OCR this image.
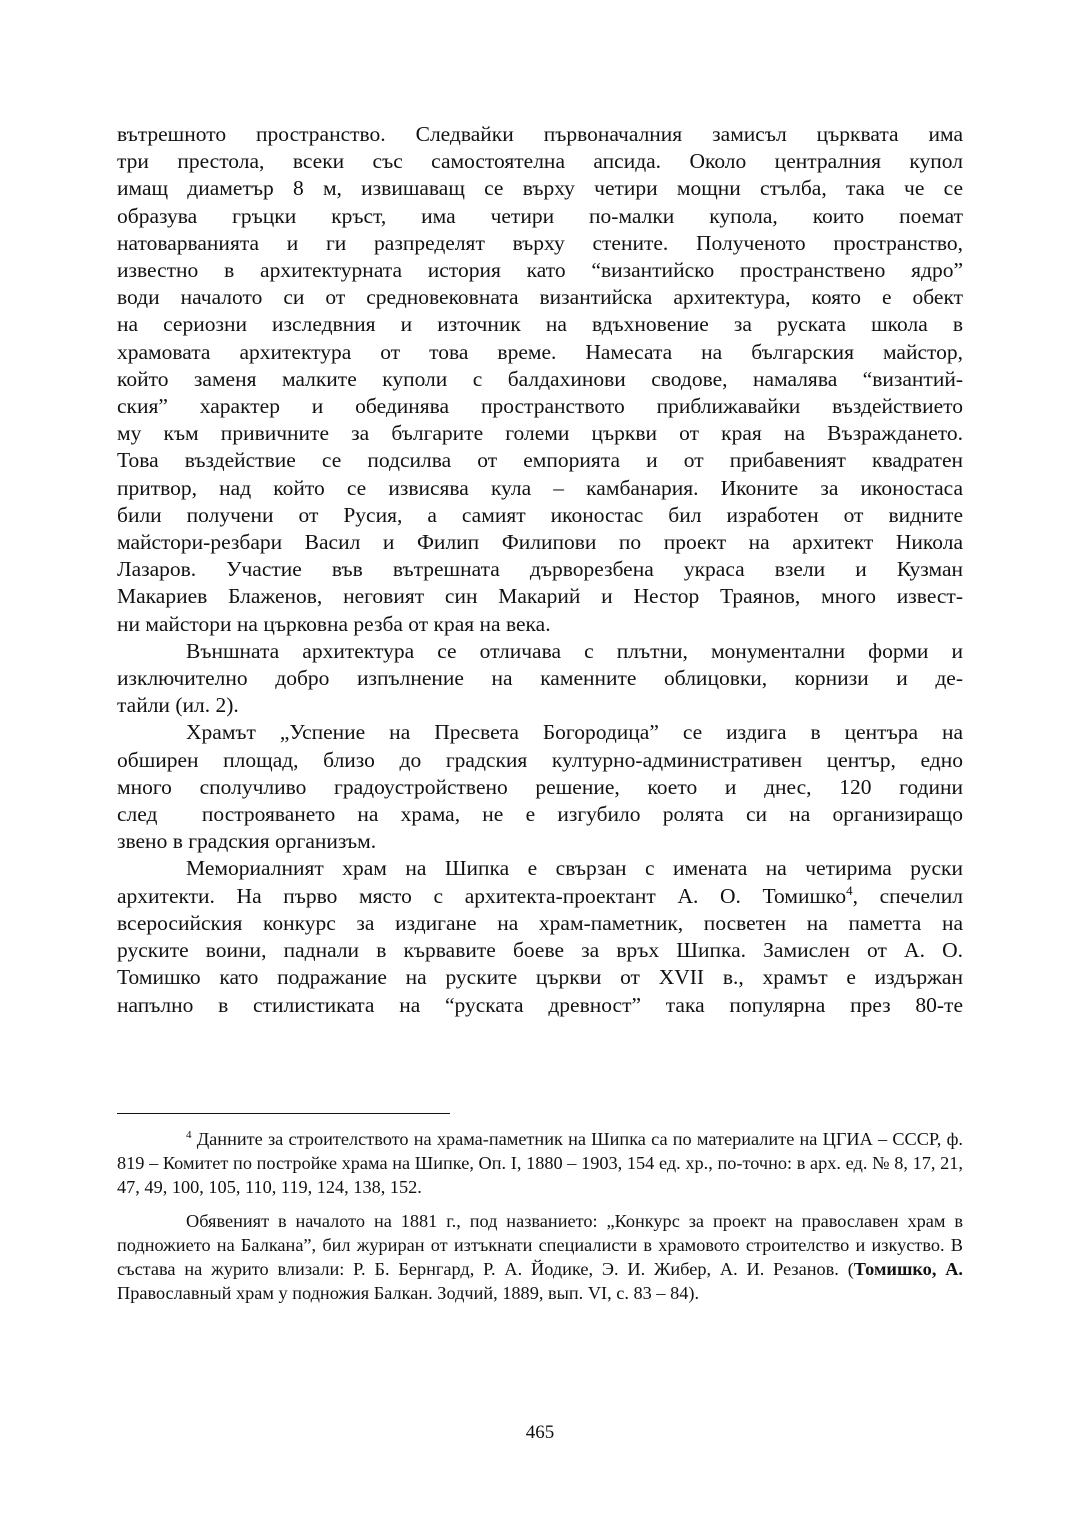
вътрешното пространство. Следвайки първоначалния замисъл църквата има
три престола, всеки със самостоятелна апсида. Около централния купол
имащ диаметър 8 м, извишаващ се върху четири мощни стълба, така че се
образува гръцки кръст, има четири по-малки купола, които поемат
натоварванията и ги разпределят върху стените. Полученото пространство,
известно в архитектурната история като “византийско пространствено ядро”
води началото си от средновековната византийска архитектура, която е обект
на сериозни изследвния и източник на вдъхновение за руската школа в
храмовата архитектура от това време. Намесата на българския майстор,
който заменя малките куполи с балдахинови сводове, намалява “византий-
ския” характер и обединява пространството приближавайки въздействието
му към привичните за българите големи църкви от края на Възраждането.
Това въздействие се подсилва от емпорията и от прибавеният квадратен
притвор, над който се извисява кула – камбанария. Иконите за иконостаса
били получени от Русия, а самият иконостас бил изработен от видните
майстори-резбари Васил и Филип Филипови по проект на архитект Никола
Лазаров. Участие във вътрешната дърворезбена украса взели и Кузман
Макариев Блаженов, неговият син Макарий и Нестор Траянов, много извест-
ни майстори на църковна резба от края на века.

Външната архитектура се отличава с плътни, монументални форми и
изключително добро изпълнение на каменните облицовки, корнизи и де-
тайли (ил. 2).

Храмът „Успение на Пресвета Богородица” се издига в центъра на
обширен площад, близо до градския културно-административен център, едно
много сполучливо градоустройствено решение, което и днес, 120 години
след  построяването на храма, не е изгубило ролята си на организиращо
звено в градския организъм.

Мемориалният храм на Шипка е свързан с имената на четирима руски
архитекти. На първо място с архитекта-проектант А. О. Томишко$^4$, спечелил
всеросийския конкурс за издигане на храм-паметник, посветен на паметта на
руските воини, паднали в кървавите боеве за връх Шипка. Замислен от А. О.
Томишко като подражание на руските църкви от XVII в., храмът е издържан
напълно в стилистиката на “руската древност” така популярна през 80-те

$^4$ Данните за строителството на храма-паметник на Шипка са по материалите на ЦГИА – СССР, ф. 819 – Комитет по постройке храма на Шипке, Оп. I, 1880 – 1903, 154 ед. хр., по-точно: в арх. ед. № 8, 17, 21, 47, 49, 100, 105, 110, 119, 124, 138, 152.

Обявеният в началото на 1881 г., под названието: „Конкурс за проект на православен храм в подножието на Балкана”, бил журиран от изтъкнати специалисти в храмовото строителство и изкуство. В състава на журито влизали: Р. Б. Бернгард, Р. А. Йодике, Э. И. Жибер, А. И. Резанов. (Томишко, А. Православный храм у подножия Балкан. Зодчий, 1889, вып. VI, с. 83 – 84).

465
